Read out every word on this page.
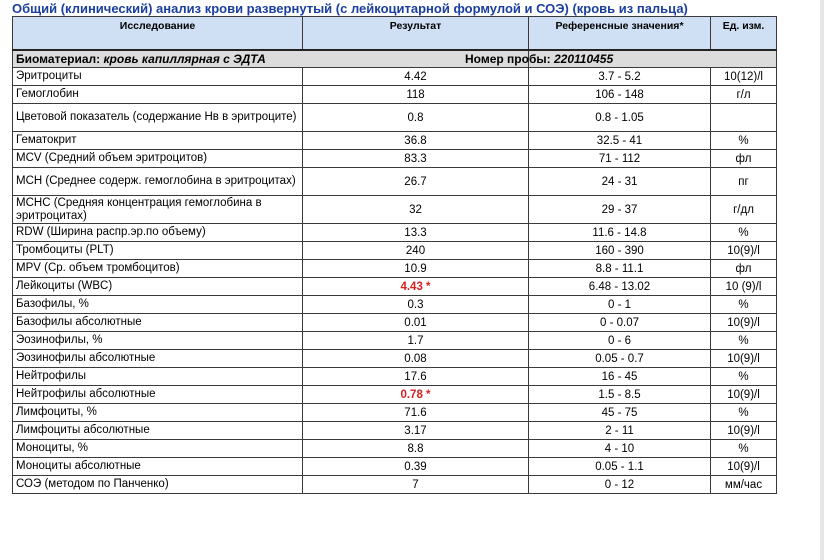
Общий (клинический) анализ крови развернутый (с лейкоцитарной формулой и СОЭ) (кровь из пальца)
Исследование	Результат	Референсные значения*	Ед. изм.
Биоматериал: кровь капиллярная с ЭДТА		Номер пробы: 220110455	
Эритроциты	4.42	3.7 - 5.2	10(12)/l
Гемоглобин	118	106 - 148	г/л
Цветовой показатель (содержание Нв в эритроците)	0.8	0.8 - 1.05	
Гематокрит	36.8	32.5 - 41	%
MCV (Средний объем эритроцитов)	83.3	71 - 112	фл
MCH (Среднее содерж. гемоглобина в эритроцитах)	26.7	24 - 31	пг
MCHC (Средняя концентрация гемоглобина в эритроцитах)	32	29 - 37	г/дл
RDW (Ширина распр.эр.по объему)	13.3	11.6 - 14.8	%
Тромбоциты (PLT)	240	160 - 390	10(9)/l
MPV (Ср. объем тромбоцитов)	10.9	8.8 - 11.1	фл
Лейкоциты (WBC)	4.43 *	6.48 - 13.02	10 (9)/l
Базофилы, %	0.3	0 - 1	%
Базофилы абсолютные	0.01	0 - 0.07	10(9)/l
Эозинофилы, %	1.7	0 - 6	%
Эозинофилы абсолютные	0.08	0.05 - 0.7	10(9)/l
Нейтрофилы	17.6	16 - 45	%
Нейтрофилы абсолютные	0.78 *	1.5 - 8.5	10(9)/l
Лимфоциты, %	71.6	45 - 75	%
Лимфоциты абсолютные	3.17	2 - 11	10(9)/l
Моноциты, %	8.8	4 - 10	%
Моноциты абсолютные	0.39	0.05 - 1.1	10(9)/l
СОЭ (методом по Панченко)	7	0 - 12	мм/час
